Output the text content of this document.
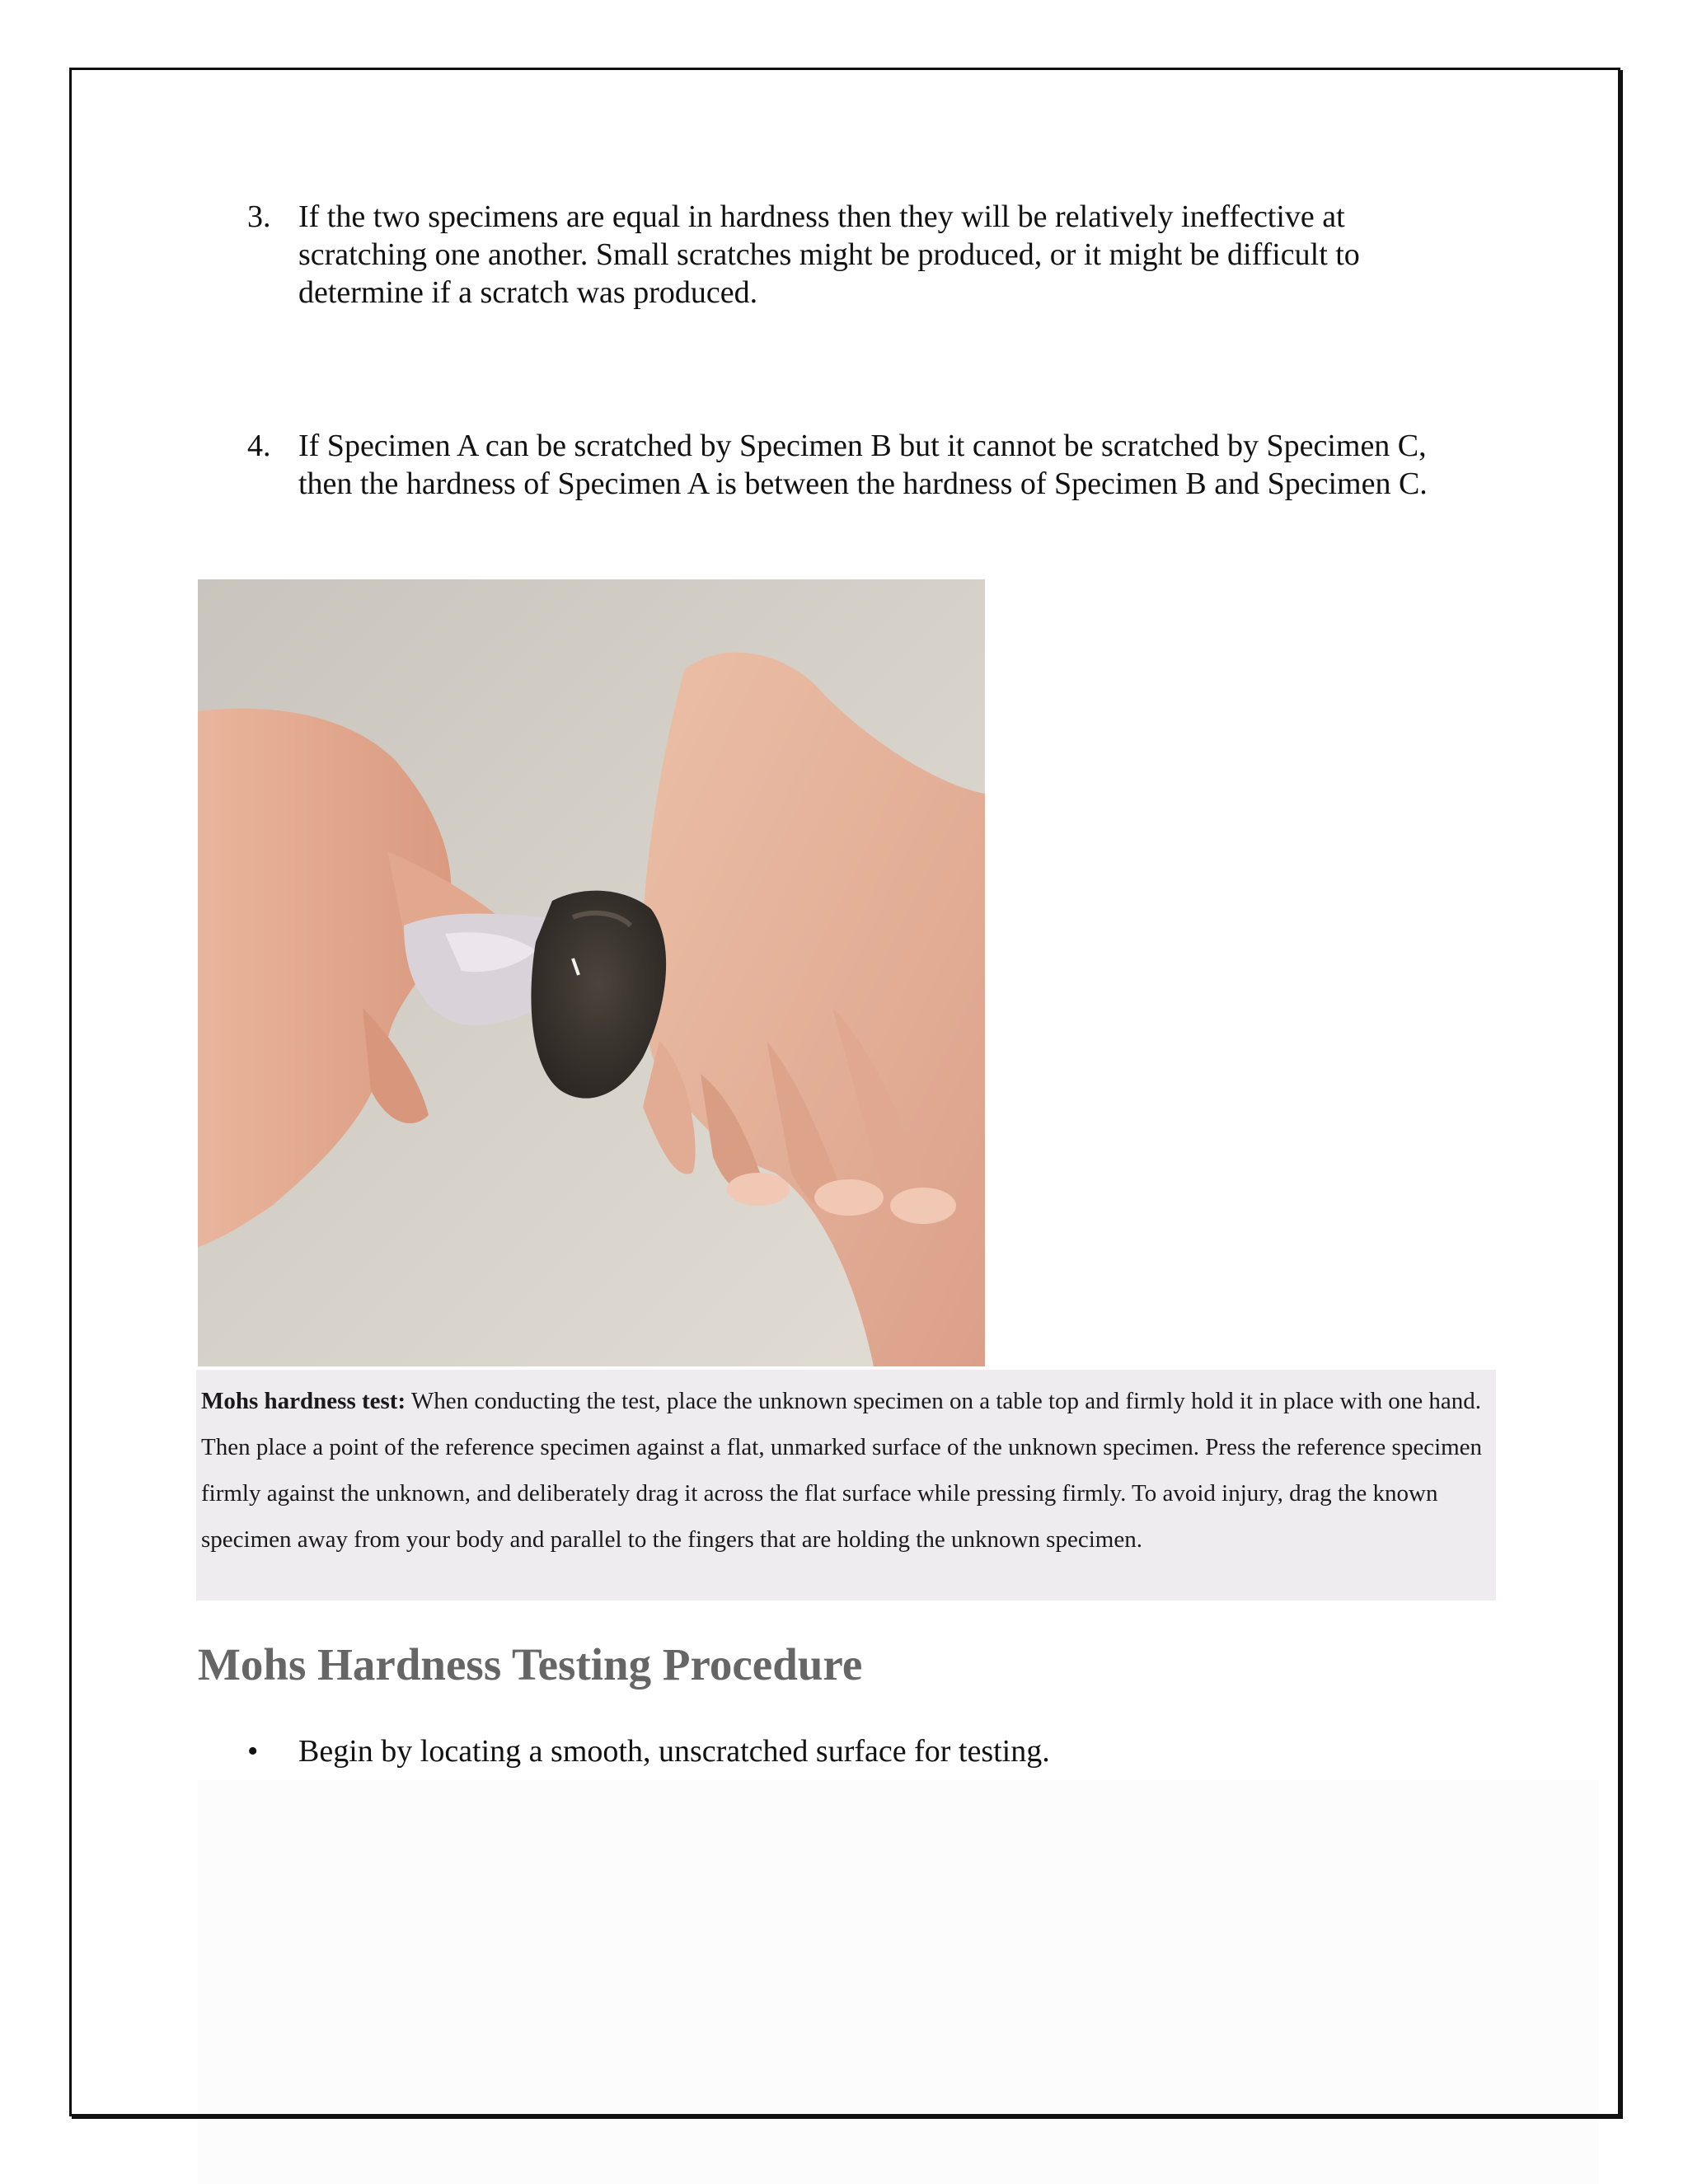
3. If the two specimens are equal in hardness then they will be relatively ineffective at scratching one another. Small scratches might be produced, or it might be difficult to determine if a scratch was produced.
4. If Specimen A can be scratched by Specimen B but it cannot be scratched by Specimen C, then the hardness of Specimen A is between the hardness of Specimen B and Specimen C.
Mohs hardness test: When conducting the test, place the unknown specimen on a table top and firmly hold it in place with one hand. Then place a point of the reference specimen against a flat, unmarked surface of the unknown specimen. Press the reference specimen firmly against the unknown, and deliberately drag it across the flat surface while pressing firmly. To avoid injury, drag the known specimen away from your body and parallel to the fingers that are holding the unknown specimen.
Mohs Hardness Testing Procedure
•	Begin by locating a smooth, unscratched surface for testing.
